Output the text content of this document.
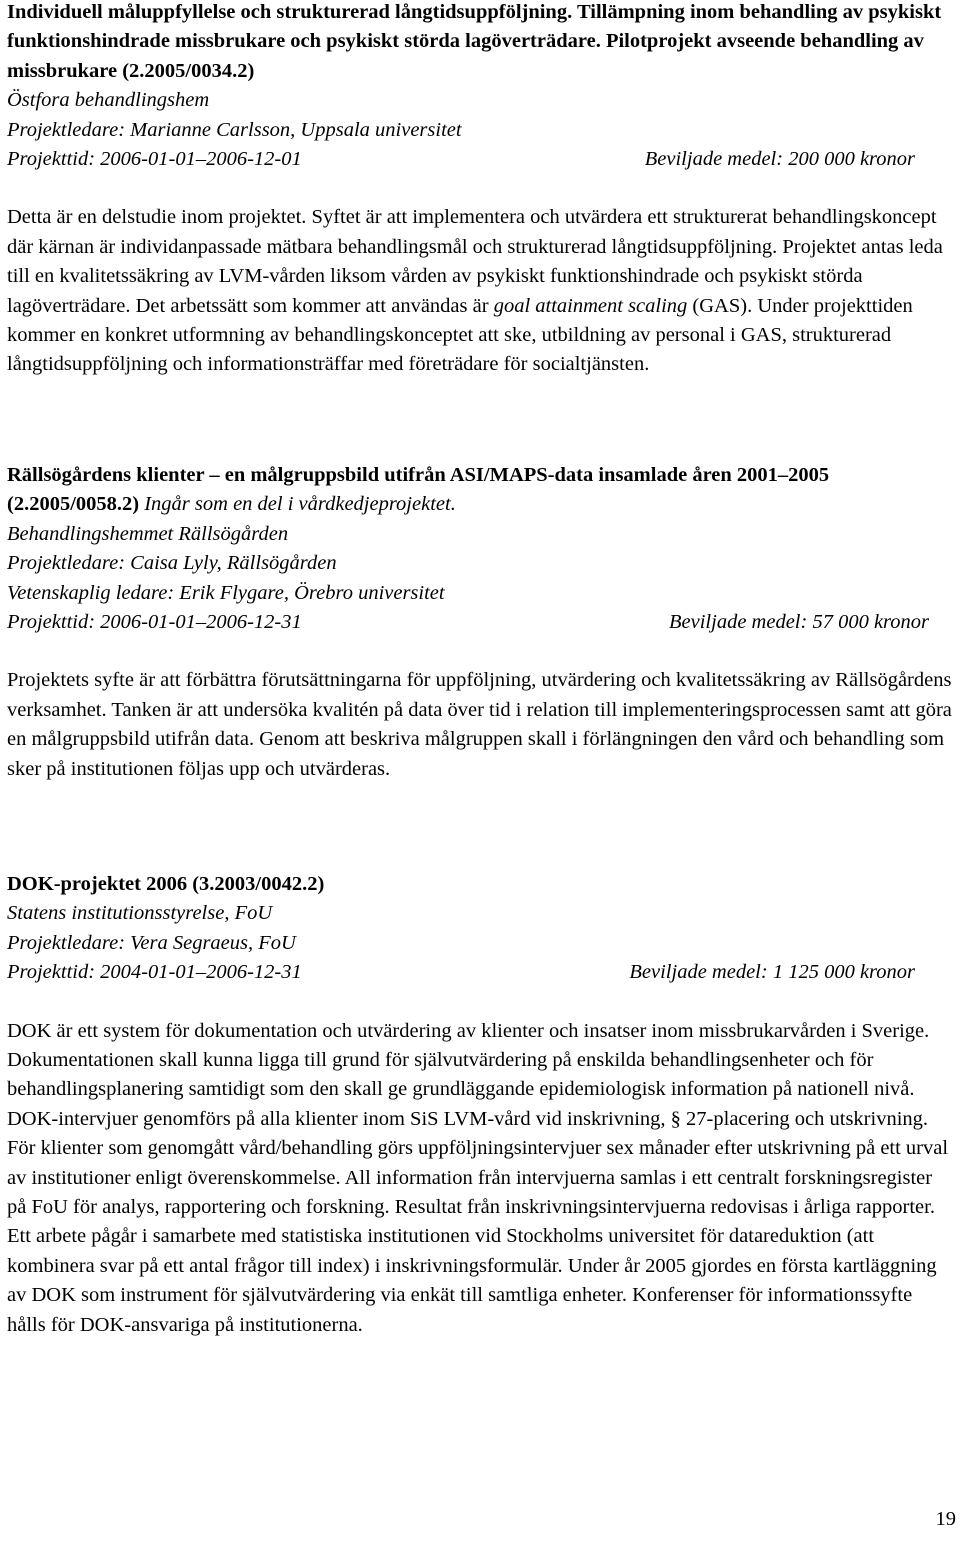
Individuell måluppfyllelse och strukturerad långtidsuppföljning. Tillämpning inom behandling av psykiskt funktionshindrade missbrukare och psykiskt störda lagöverträdare. Pilotprojekt avseende behandling av missbrukare (2.2005/0034.2)

Östfora behandlingshem

Projektledare: Marianne Carlsson, Uppsala universitet

Projekttid: 2006-01-01–2006-12-01	Beviljade medel: 200 000 kronor

Detta är en delstudie inom projektet. Syftet är att implementera och utvärdera ett strukturerat behandlingskoncept där kärnan är individanpassade mätbara behandlingsmål och strukturerad långtidsuppföljning. Projektet antas leda till en kvalitetssäkring av LVM-vården liksom vården av psykiskt funktionshindrade och psykiskt störda lagöverträdare. Det arbetssätt som kommer att användas är goal attainment scaling (GAS). Under projekttiden kommer en konkret utformning av behandlingskonceptet att ske, utbildning av personal i GAS, strukturerad långtidsuppföljning och informationsträffar med företrädare för socialtjänsten.

Rällsögårdens klienter – en målgruppsbild utifrån ASI/MAPS-data insamlade åren 2001–2005 (2.2005/0058.2) Ingår som en del i vårdkedjeprojektet.

Behandlingshemmet Rällsögården

Projektledare: Caisa Lyly, Rällsögården

Vetenskaplig ledare: Erik Flygare, Örebro universitet

Projekttid: 2006-01-01–2006-12-31	Beviljade medel: 57 000 kronor

Projektets syfte är att förbättra förutsättningarna för uppföljning, utvärdering och kvalitetssäkring av Rällsögårdens verksamhet. Tanken är att undersöka kvalitén på data över tid i relation till implementeringsprocessen samt att göra en målgruppsbild utifrån data. Genom att beskriva målgruppen skall i förlängningen den vård och behandling som sker på institutionen följas upp och utvärderas.

DOK-projektet 2006 (3.2003/0042.2)

Statens institutionsstyrelse, FoU

Projektledare: Vera Segraeus, FoU

Projekttid: 2004-01-01–2006-12-31	Beviljade medel: 1 125 000 kronor

DOK är ett system för dokumentation och utvärdering av klienter och insatser inom missbrukarvården i Sverige. Dokumentationen skall kunna ligga till grund för självutvärdering på enskilda behandlingsenheter och för behandlingsplanering samtidigt som den skall ge grundläggande epidemiologisk information på nationell nivå. DOK-intervjuer genomförs på alla klienter inom SiS LVM-vård vid inskrivning, § 27-placering och utskrivning. För klienter som genomgått vård/behandling görs uppföljningsintervjuer sex månader efter utskrivning på ett urval av institutioner enligt överenskommelse. All information från intervjuerna samlas i ett centralt forskningsregister på FoU för analys, rapportering och forskning. Resultat från inskrivningsintervjuerna redovisas i årliga rapporter. Ett arbete pågår i samarbete med statistiska institutionen vid Stockholms universitet för datareduktion (att kombinera svar på ett antal frågor till index) i inskrivningsformulär. Under år 2005 gjordes en första kartläggning av DOK som instrument för självutvärdering via enkät till samtliga enheter. Konferenser för informationssyfte hålls för DOK-ansvariga på institutionerna.

19
